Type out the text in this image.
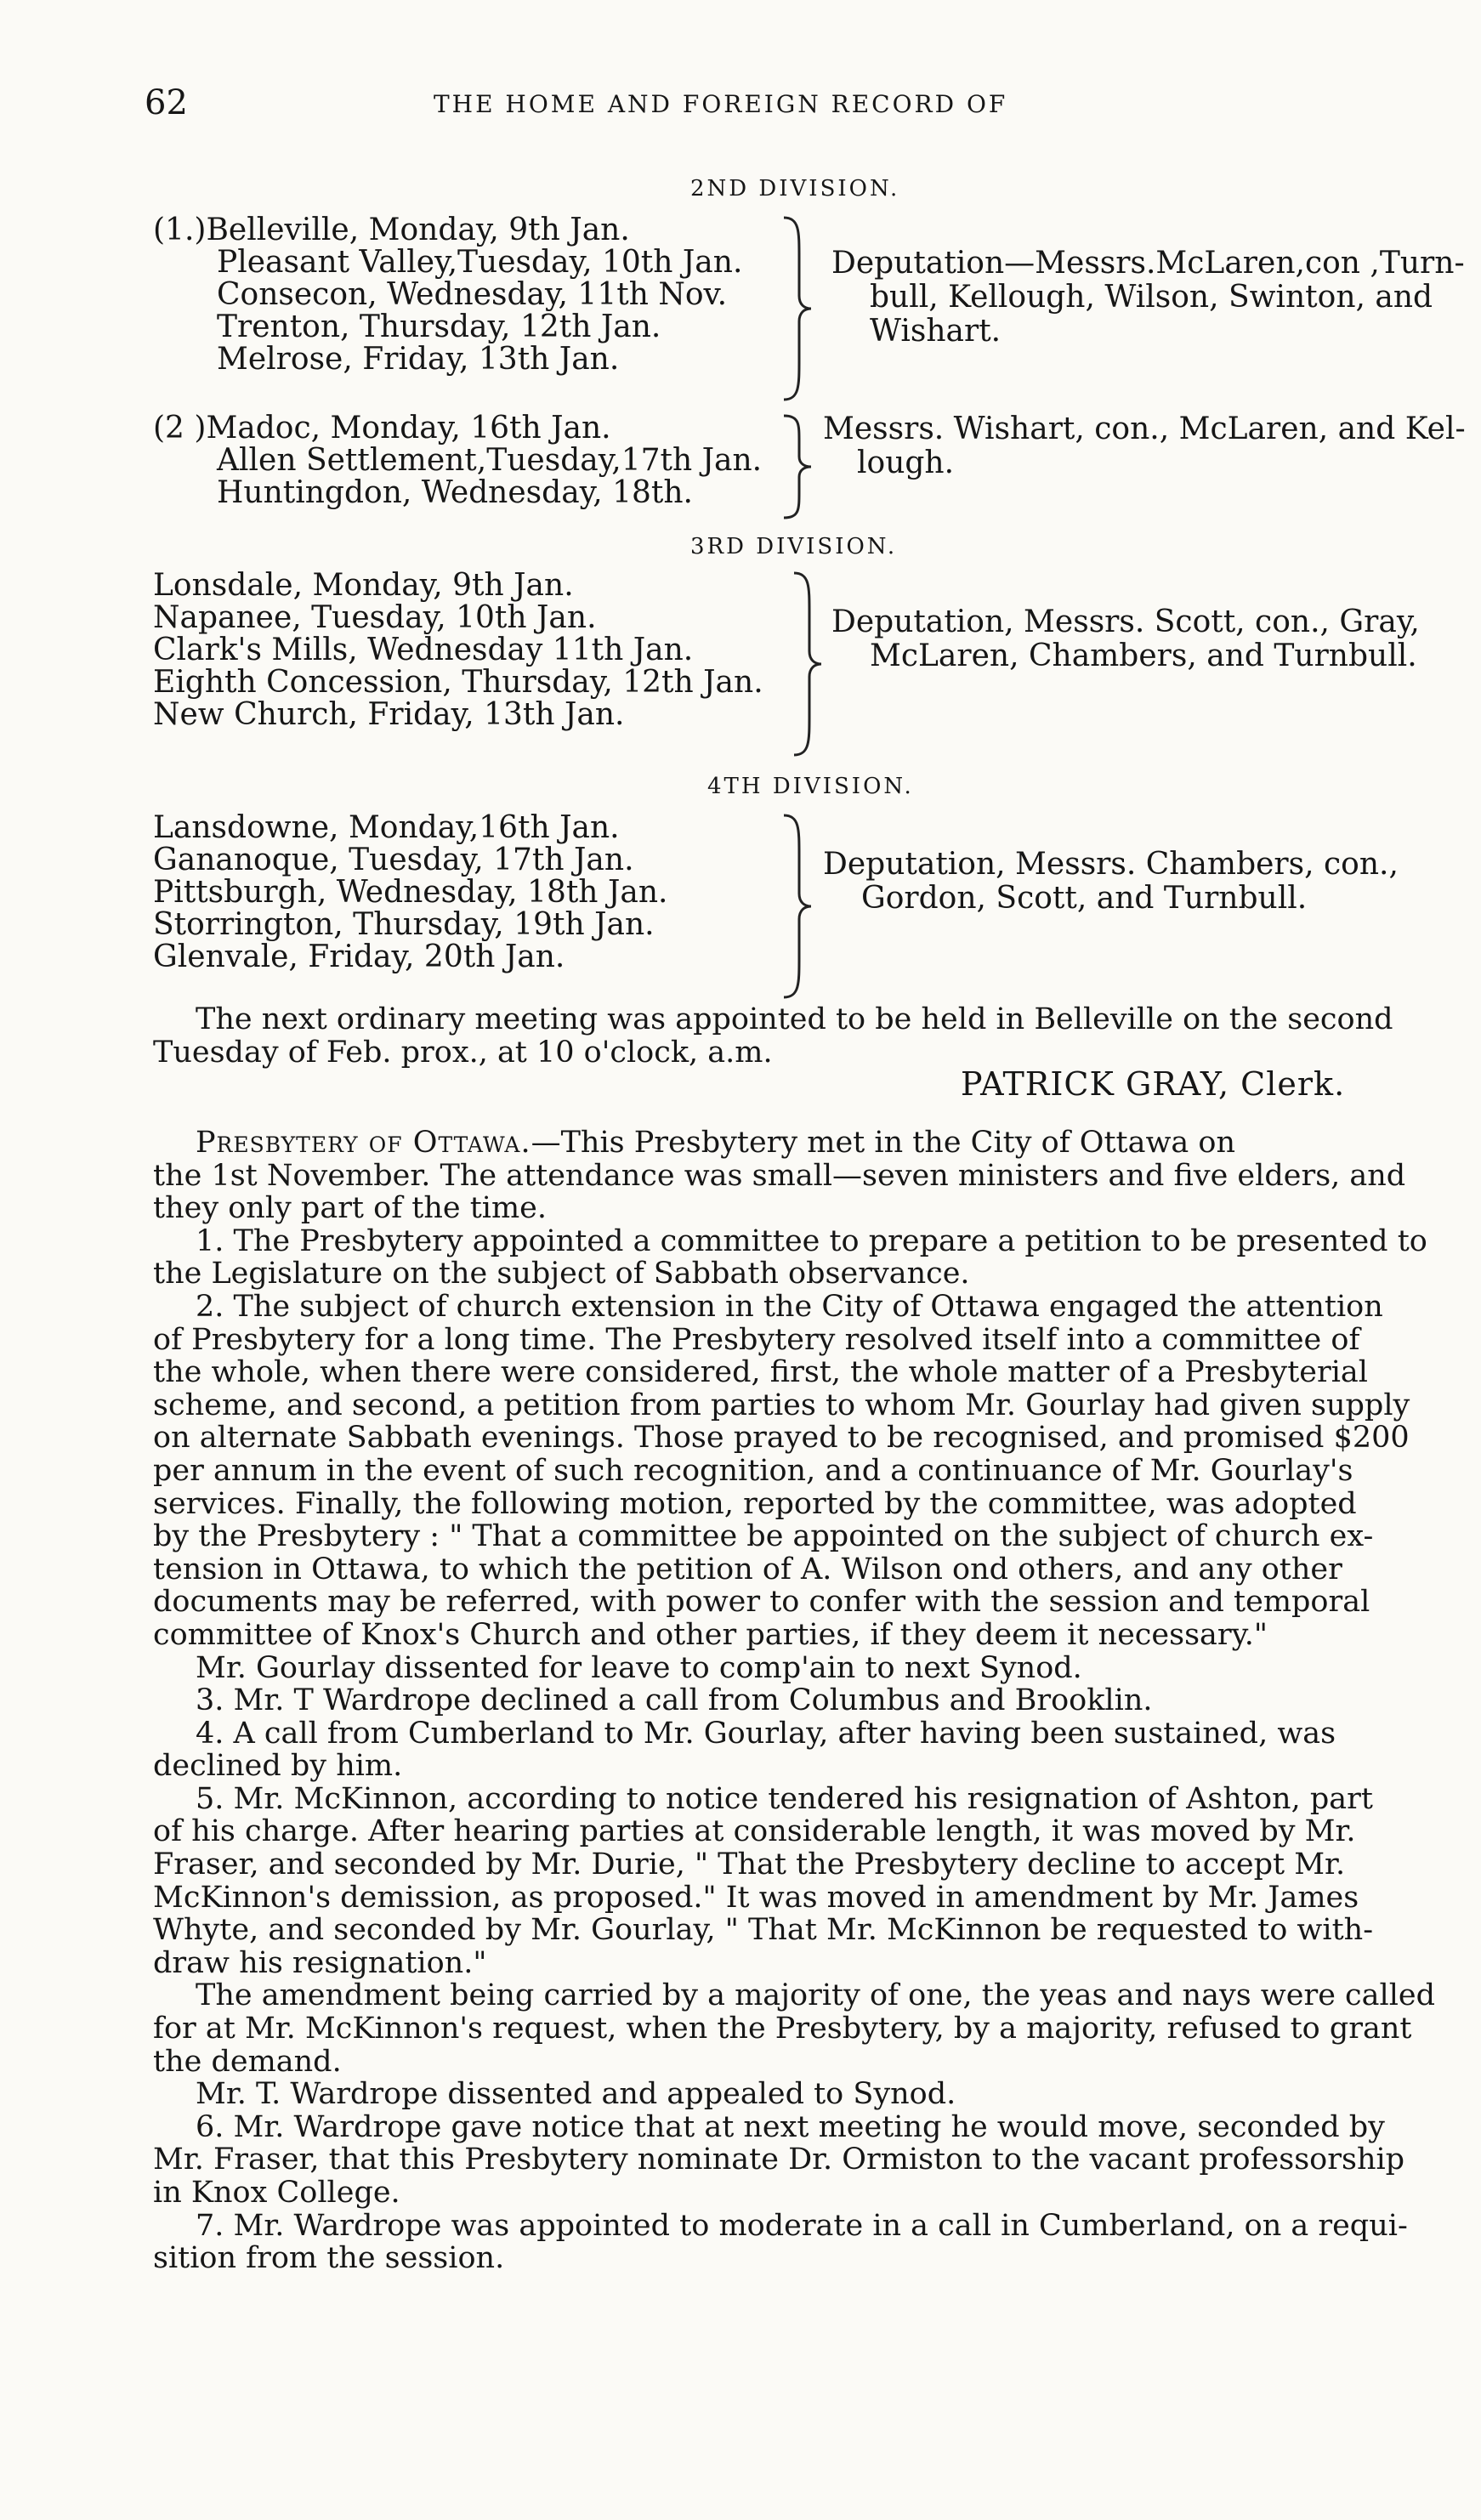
62	THE HOME AND FOREIGN RECORD OF
2ND DIVISION.
(1.)Belleville, Monday, 9th Jan.
Pleasant Valley,Tuesday, 10th Jan.
Consecon, Wednesday, 11th Nov.
Trenton, Thursday, 12th Jan.
Melrose, Friday, 13th Jan.
Deputation—Messrs.McLaren,con ,Turn-
bull, Kellough, Wilson, Swinton, and
Wishart.
(2 )Madoc, Monday, 16th Jan.
Allen Settlement,Tuesday,17th Jan.
Huntingdon, Wednesday, 18th.
Messrs. Wishart, con., McLaren, and Kel-
lough.
3RD DIVISION.
Lonsdale, Monday, 9th Jan.
Napanee, Tuesday, 10th Jan.
Clark's Mills, Wednesday 11th Jan.
Eighth Concession, Thursday, 12th Jan.
New Church, Friday, 13th Jan.
Deputation, Messrs. Scott, con., Gray,
McLaren, Chambers, and Turnbull.
4TH DIVISION.
Lansdowne, Monday,16th Jan.
Gananoque, Tuesday, 17th Jan.
Pittsburgh, Wednesday, 18th Jan.
Storrington, Thursday, 19th Jan.
Glenvale, Friday, 20th Jan.
Deputation, Messrs. Chambers, con.,
Gordon, Scott, and Turnbull.
The next ordinary meeting was appointed to be held in Belleville on the second
Tuesday of Feb. prox., at 10 o'clock, a.m.
PATRICK GRAY, Clerk.
Presbytery of Ottawa.—This Presbytery met in the City of Ottawa on
the 1st November. The attendance was small—seven ministers and five elders, and
they only part of the time.
1. The Presbytery appointed a committee to prepare a petition to be presented to
the Legislature on the subject of Sabbath observance.
2. The subject of church extension in the City of Ottawa engaged the attention
of Presbytery for a long time. The Presbytery resolved itself into a committee of
the whole, when there were considered, first, the whole matter of a Presbyterial
scheme, and second, a petition from parties to whom Mr. Gourlay had given supply
on alternate Sabbath evenings. Those prayed to be recognised, and promised $200
per annum in the event of such recognition, and a continuance of Mr. Gourlay's
services. Finally, the following motion, reported by the committee, was adopted
by the Presbytery : " That a committee be appointed on the subject of church ex-
tension in Ottawa, to which the petition of A. Wilson ond others, and any other
documents may be referred, with power to confer with the session and temporal
committee of Knox's Church and other parties, if they deem it necessary."
Mr. Gourlay dissented for leave to comp'ain to next Synod.
3. Mr. T Wardrope declined a call from Columbus and Brooklin.
4. A call from Cumberland to Mr. Gourlay, after having been sustained, was
declined by him.
5. Mr. McKinnon, according to notice tendered his resignation of Ashton, part
of his charge. After hearing parties at considerable length, it was moved by Mr.
Fraser, and seconded by Mr. Durie, " That the Presbytery decline to accept Mr.
McKinnon's demission, as proposed." It was moved in amendment by Mr. James
Whyte, and seconded by Mr. Gourlay, " That Mr. McKinnon be requested to with-
draw his resignation."
The amendment being carried by a majority of one, the yeas and nays were called
for at Mr. McKinnon's request, when the Presbytery, by a majority, refused to grant
the demand.
Mr. T. Wardrope dissented and appealed to Synod.
6. Mr. Wardrope gave notice that at next meeting he would move, seconded by
Mr. Fraser, that this Presbytery nominate Dr. Ormiston to the vacant professorship
in Knox College.
7. Mr. Wardrope was appointed to moderate in a call in Cumberland, on a requi-
sition from the session.
